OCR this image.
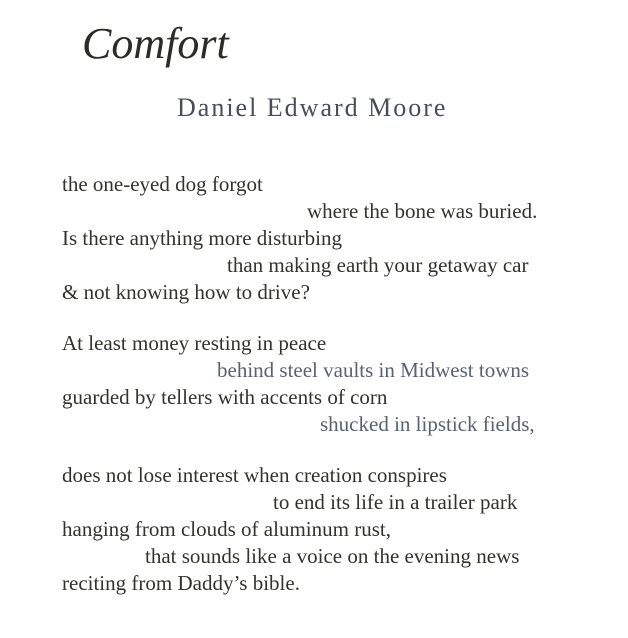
Comfort
Daniel Edward Moore
the one-eyed dog forgot
where the bone was buried.
Is there anything more disturbing
than making earth your getaway car
& not knowing how to drive?
At least money resting in peace
behind steel vaults in Midwest towns
guarded by tellers with accents of corn
shucked in lipstick fields,
does not lose interest when creation conspires
to end its life in a trailer park
hanging from clouds of aluminum rust,
that sounds like a voice on the evening news
reciting from Daddy’s bible.
